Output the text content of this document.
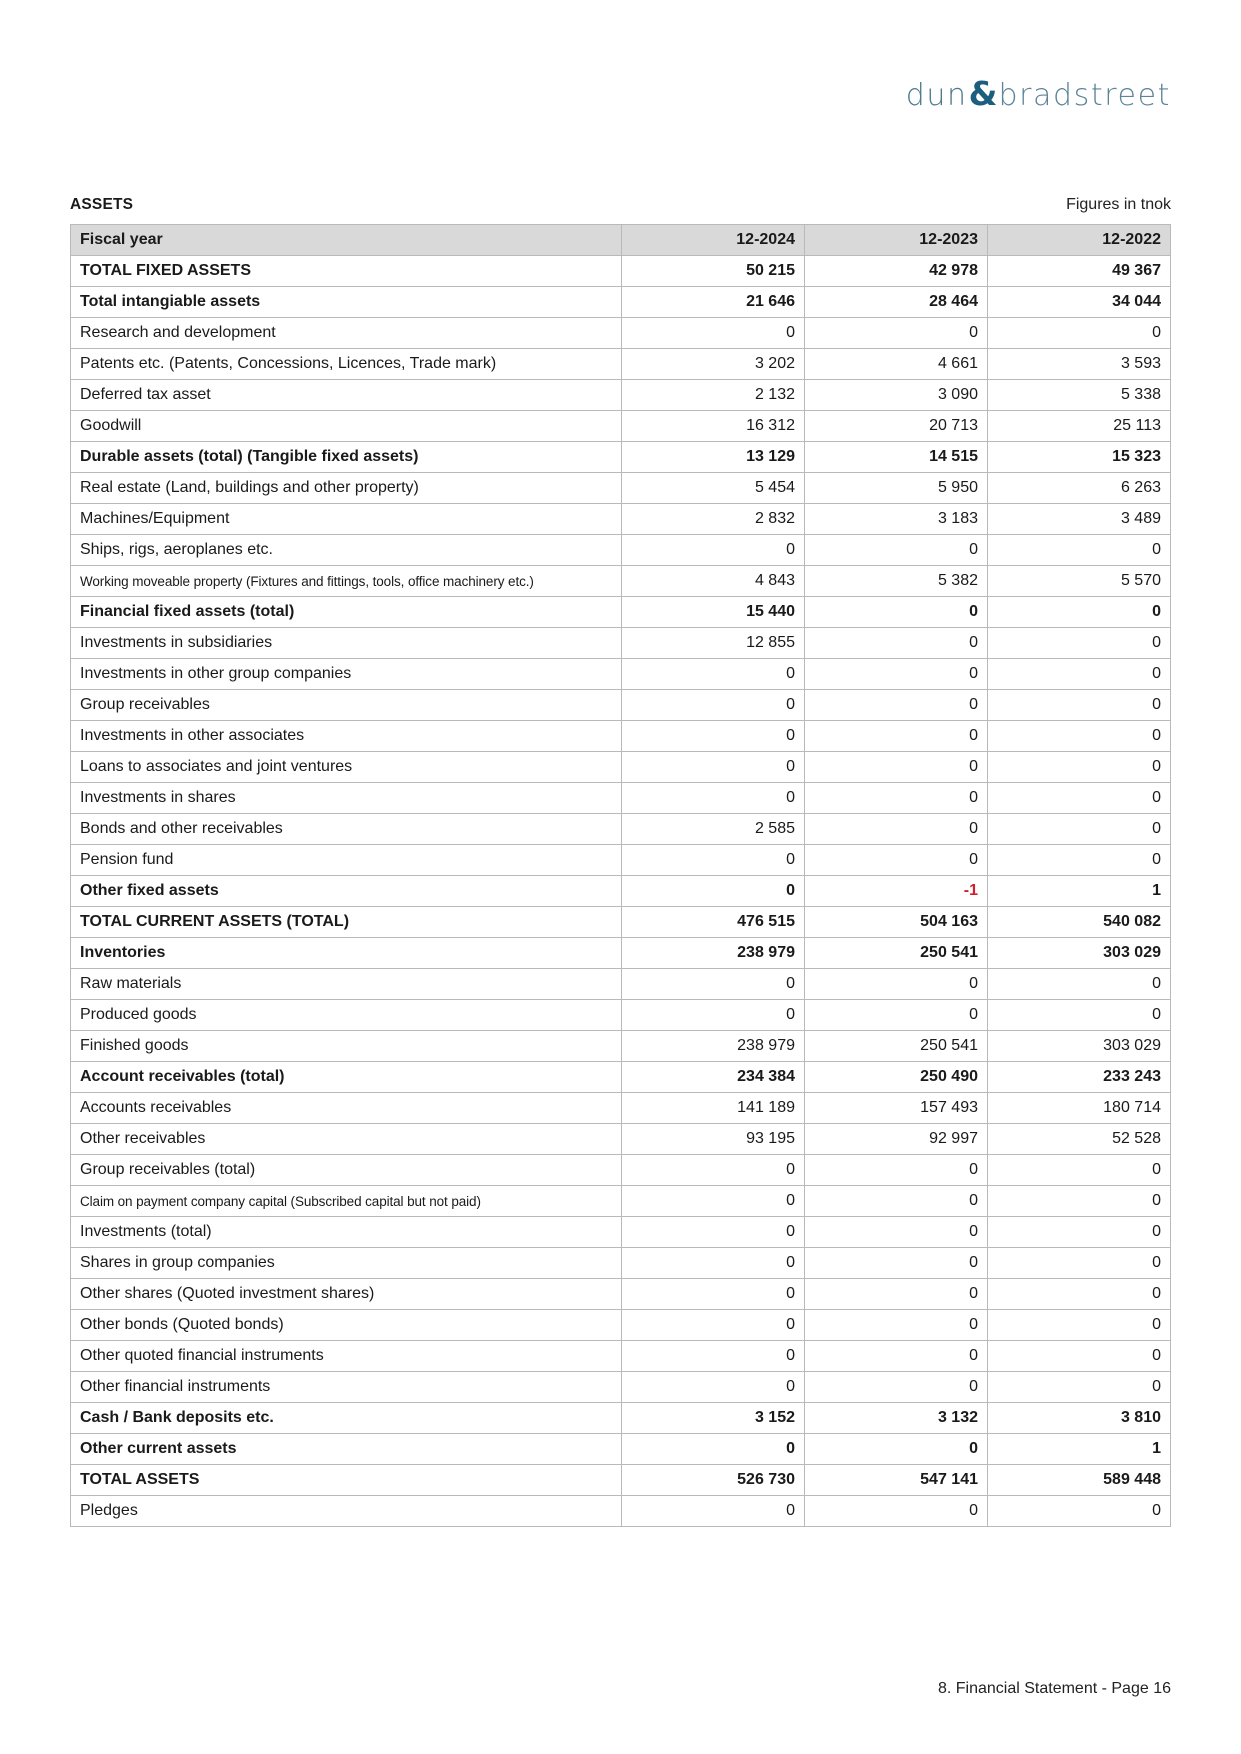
dun & bradstreet
ASSETS	Figures in tnok
Fiscal year	12-2024	12-2023	12-2022
TOTAL FIXED ASSETS	50 215	42 978	49 367
Total intangiable assets	21 646	28 464	34 044
Research and development	0	0	0
Patents etc. (Patents, Concessions, Licences, Trade mark)	3 202	4 661	3 593
Deferred tax asset	2 132	3 090	5 338
Goodwill	16 312	20 713	25 113
Durable assets (total) (Tangible fixed assets)	13 129	14 515	15 323
Real estate (Land, buildings and other property)	5 454	5 950	6 263
Machines/Equipment	2 832	3 183	3 489
Ships, rigs, aeroplanes etc.	0	0	0
Working moveable property (Fixtures and fittings, tools, office machinery etc.)	4 843	5 382	5 570
Financial fixed assets (total)	15 440	0	0
Investments in subsidiaries	12 855	0	0
Investments in other group companies	0	0	0
Group receivables	0	0	0
Investments in other associates	0	0	0
Loans to associates and joint ventures	0	0	0
Investments in shares	0	0	0
Bonds and other receivables	2 585	0	0
Pension fund	0	0	0
Other fixed assets	0	-1	1
TOTAL CURRENT ASSETS (TOTAL)	476 515	504 163	540 082
Inventories	238 979	250 541	303 029
Raw materials	0	0	0
Produced goods	0	0	0
Finished goods	238 979	250 541	303 029
Account receivables (total)	234 384	250 490	233 243
Accounts receivables	141 189	157 493	180 714
Other receivables	93 195	92 997	52 528
Group receivables (total)	0	0	0
Claim on payment company capital (Subscribed capital but not paid)	0	0	0
Investments (total)	0	0	0
Shares in group companies	0	0	0
Other shares (Quoted investment shares)	0	0	0
Other bonds (Quoted bonds)	0	0	0
Other quoted financial instruments	0	0	0
Other financial instruments	0	0	0
Cash / Bank deposits etc.	3 152	3 132	3 810
Other current assets	0	0	1
TOTAL ASSETS	526 730	547 141	589 448
Pledges	0	0	0
8. Financial Statement - Page 16
